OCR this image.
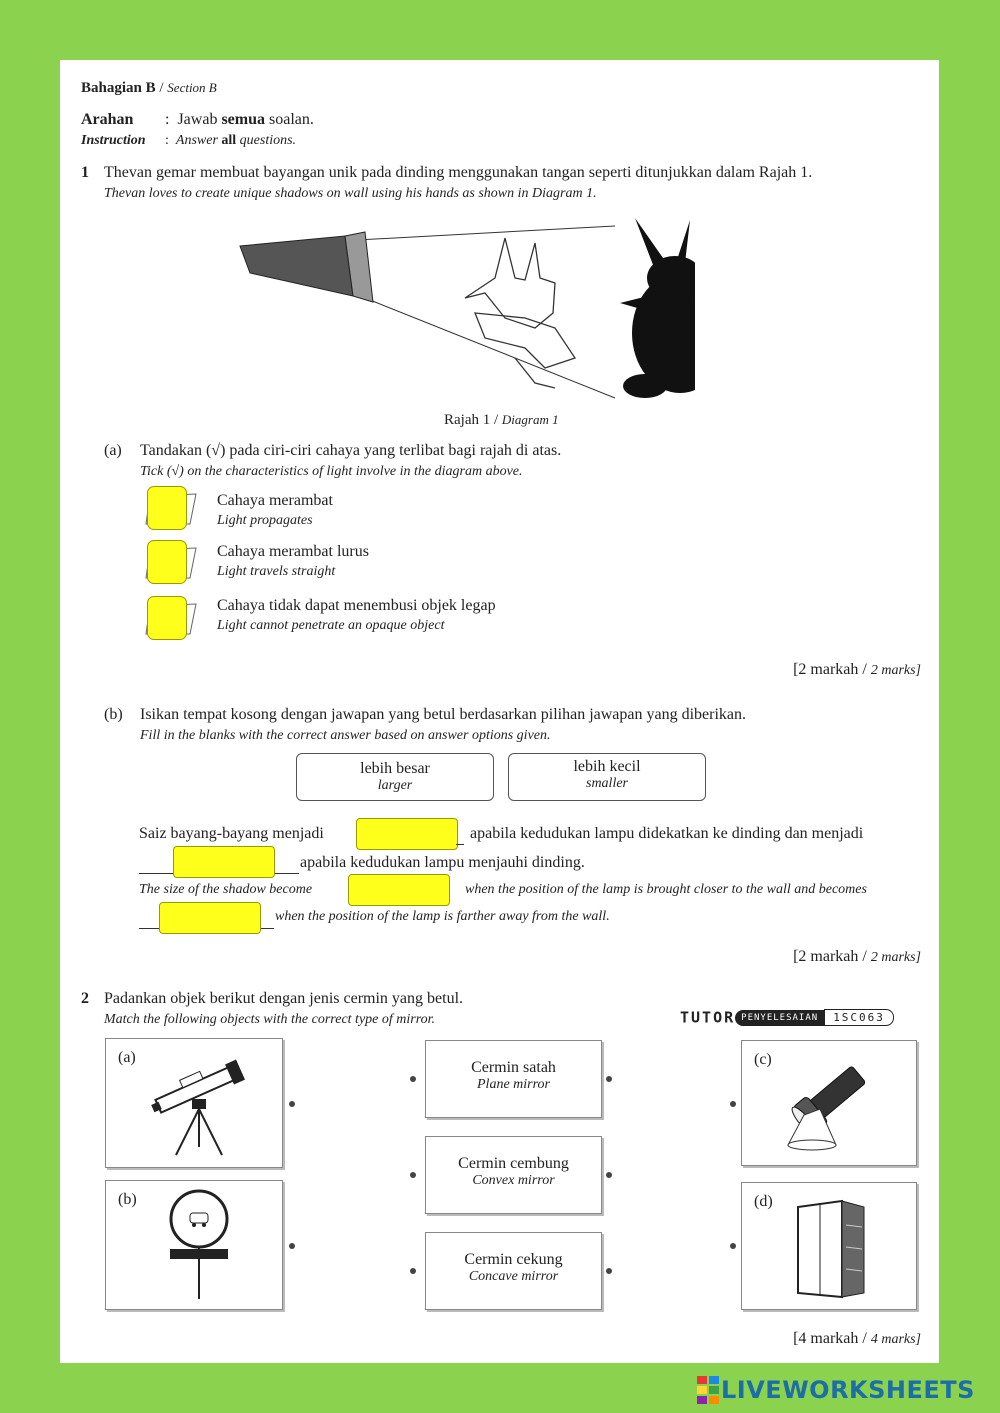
Bahagian B / Section B
Arahan :  Jawab semua soalan.
Instruction :  Answer all questions.
1 Thevan gemar membuat bayangan unik pada dinding menggunakan tangan seperti ditunjukkan dalam Rajah 1.
Thevan loves to create unique shadows on wall using his hands as shown in Diagram 1.
Rajah 1 / Diagram 1
(a) Tandakan (√) pada ciri-ciri cahaya yang terlibat bagi rajah di atas.
Tick (√) on the characteristics of light involve in the diagram above.
Cahaya merambat
Light propagates
Cahaya merambat lurus
Light travels straight
Cahaya tidak dapat menembusi objek legap
Light cannot penetrate an opaque object
[2 markah / 2 marks]
(b) Isikan tempat kosong dengan jawapan yang betul berdasarkan pilihan jawapan yang diberikan.
Fill in the blanks with the correct answer based on answer options given.
lebih besar
larger
lebih kecil
smaller
Saiz bayang-bayang menjadi	apabila kedudukan lampu didekatkan ke dinding dan menjadi
apabila kedudukan lampu menjauhi dinding.
The size of the shadow become	when the position of the lamp is brought closer to the wall and becomes
when the position of the lamp is farther away from the wall.
[2 markah / 2 marks]
2 Padankan objek berikut dengan jenis cermin yang betul.
Match the following objects with the correct type of mirror.	TUTOR PENYELESAIAN 1SC063
(a)
(b)
Cermin satah
Plane mirror
Cermin cembung
Convex mirror
Cermin cekung
Concave mirror
(c)
(d)
[4 markah / 4 marks]
LIVEWORKSHEETS
